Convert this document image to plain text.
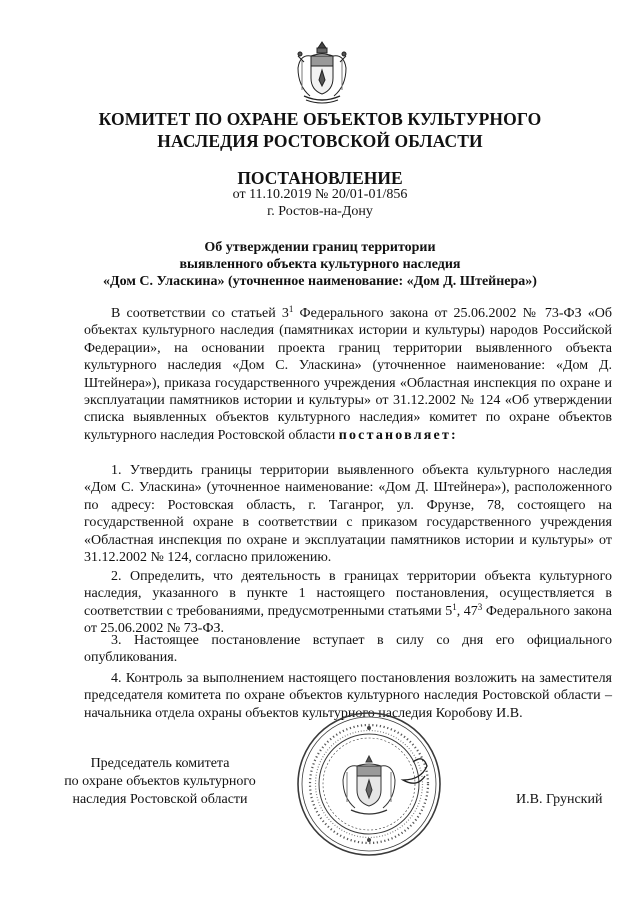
КОМИТЕТ ПО ОХРАНЕ ОБЪЕКТОВ КУЛЬТУРНОГО
НАСЛЕДИЯ РОСТОВСКОЙ ОБЛАСТИ
ПОСТАНОВЛЕНИЕ
от 11.10.2019 № 20/01-01/856
г. Ростов-на-Дону
Об утверждении границ территории
выявленного объекта культурного наследия
«Дом С. Уласкина» (уточненное наименование: «Дом Д. Штейнера»)
В соответствии со статьей $3^1$ Федерального закона от 25.06.2002 № 73-ФЗ «Об объектах культурного наследия (памятниках истории и культуры) народов Российской Федерации», на основании проекта границ территории выявленного объекта культурного наследия «Дом С. Уласкина» (уточненное наименование: «Дом Д. Штейнера»), приказа государственного учреждения «Областная инспекция по охране и эксплуатации памятников истории и культуры» от 31.12.2002 № 124 «Об утверждении списка выявленных объектов культурного наследия» комитет по охране объектов культурного наследия Ростовской области постановляет:
1. Утвердить границы территории выявленного объекта культурного наследия «Дом С. Уласкина» (уточненное наименование: «Дом Д. Штейнера»), расположенного по адресу: Ростовская область, г. Таганрог, ул. Фрунзе, 78, состоящего на государственной охране в соответствии с приказом государственного учреждения «Областная инспекция по охране и эксплуатации памятников истории и культуры» от 31.12.2002 № 124, согласно приложению.
2. Определить, что деятельность в границах территории объекта культурного наследия, указанного в пункте 1 настоящего постановления, осуществляется в соответствии с требованиями, предусмотренными статьями $5^1$, $47^3$ Федерального закона от 25.06.2002 № 73-ФЗ.
3. Настоящее постановление вступает в силу со дня его официального опубликования.
4. Контроль за выполнением настоящего постановления возложить на заместителя председателя комитета по охране объектов культурного наследия Ростовской области – начальника отдела охраны объектов культурного наследия Коробову И.В.
Председатель комитета
по охране объектов культурного
наследия Ростовской области	И.В. Грунский
